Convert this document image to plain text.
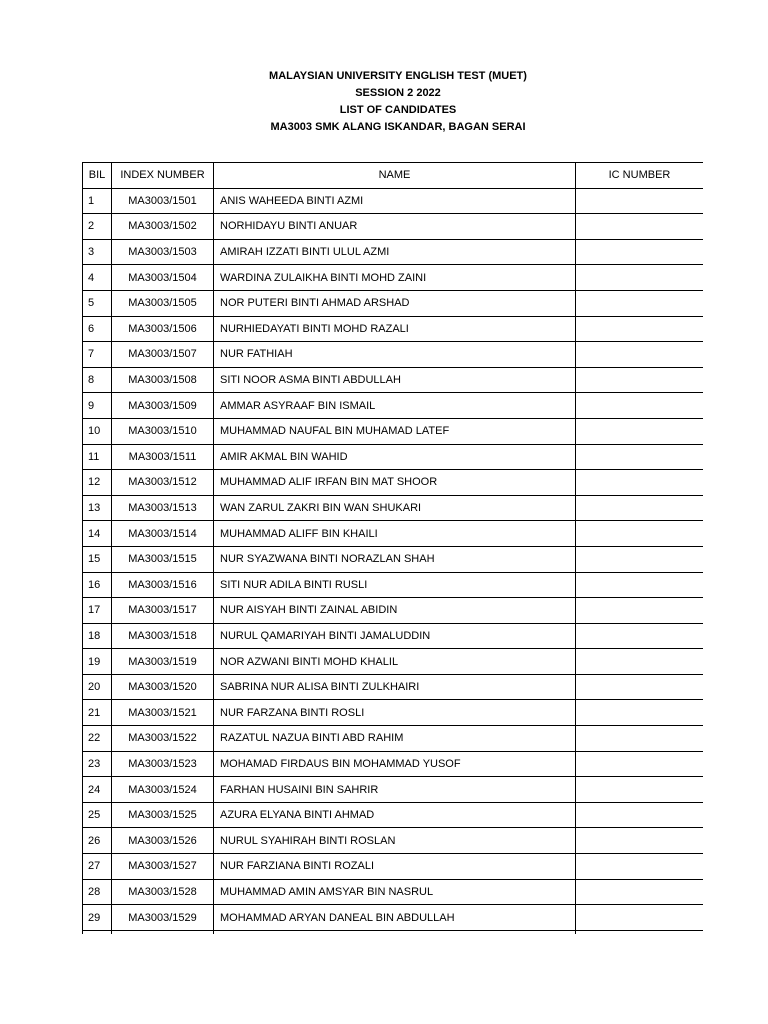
MALAYSIAN UNIVERSITY ENGLISH TEST (MUET)
SESSION 2 2022
LIST OF CANDIDATES
MA3003 SMK ALANG ISKANDAR, BAGAN SERAI
BIL	INDEX NUMBER	NAME	IC NUMBER
1	MA3003/1501	ANIS WAHEEDA BINTI AZMI	
2	MA3003/1502	NORHIDAYU BINTI ANUAR	
3	MA3003/1503	AMIRAH IZZATI BINTI ULUL AZMI	
4	MA3003/1504	WARDINA ZULAIKHA BINTI MOHD ZAINI	
5	MA3003/1505	NOR PUTERI BINTI AHMAD ARSHAD	
6	MA3003/1506	NURHIEDAYATI BINTI MOHD RAZALI	
7	MA3003/1507	NUR FATHIAH	
8	MA3003/1508	SITI NOOR ASMA BINTI ABDULLAH	
9	MA3003/1509	AMMAR ASYRAAF BIN ISMAIL	
10	MA3003/1510	MUHAMMAD NAUFAL BIN MUHAMAD LATEF	
11	MA3003/1511	AMIR AKMAL BIN WAHID	
12	MA3003/1512	MUHAMMAD ALIF IRFAN BIN MAT SHOOR	
13	MA3003/1513	WAN ZARUL ZAKRI BIN WAN SHUKARI	
14	MA3003/1514	MUHAMMAD ALIFF BIN KHAILI	
15	MA3003/1515	NUR SYAZWANA BINTI NORAZLAN SHAH	
16	MA3003/1516	SITI NUR ADILA BINTI RUSLI	
17	MA3003/1517	NUR AISYAH BINTI ZAINAL ABIDIN	
18	MA3003/1518	NURUL QAMARIYAH BINTI JAMALUDDIN	
19	MA3003/1519	NOR AZWANI BINTI MOHD KHALIL	
20	MA3003/1520	SABRINA NUR ALISA BINTI ZULKHAIRI	
21	MA3003/1521	NUR FARZANA BINTI ROSLI	
22	MA3003/1522	RAZATUL NAZUA BINTI ABD RAHIM	
23	MA3003/1523	MOHAMAD FIRDAUS BIN MOHAMMAD YUSOF	
24	MA3003/1524	FARHAN HUSAINI BIN SAHRIR	
25	MA3003/1525	AZURA ELYANA BINTI AHMAD	
26	MA3003/1526	NURUL SYAHIRAH BINTI ROSLAN	
27	MA3003/1527	NUR FARZIANA BINTI ROZALI	
28	MA3003/1528	MUHAMMAD AMIN AMSYAR BIN NASRUL	
29	MA3003/1529	MOHAMMAD ARYAN DANEAL BIN ABDULLAH	
